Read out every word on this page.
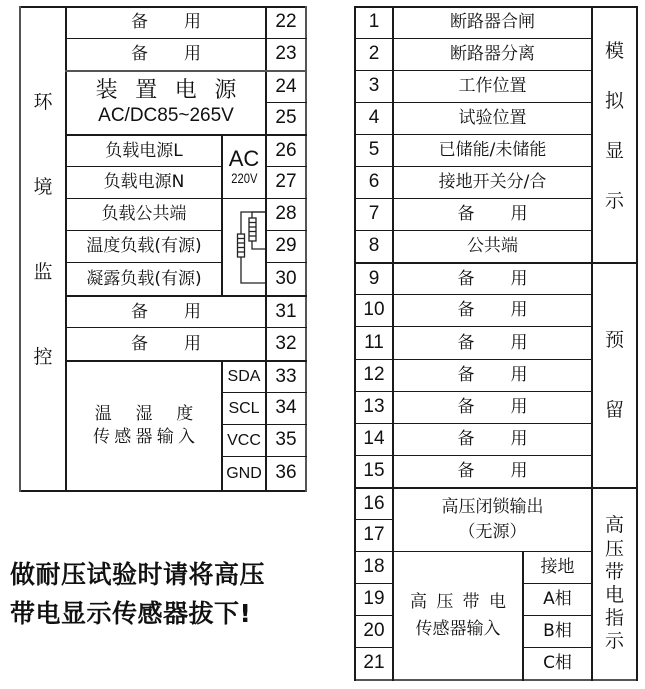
环
境
监
控
备 用
备 用
装置电源
AC/DC85~265V
负载电源L
负载电源N
负载公共端
温度负载(有源)
凝露负载(有源)
AC
220V
备 用
备 用
温湿度
传感器输入
SDA
SCL
VCC
GND
22
23
24
25
26
27
28
29
30
31
32
33
34
35
36
做耐压试验时请将高压
带电显示传感器拔下!
1
2
3
4
5
6
7
8
9
10
11
12
13
14
15
16
17
18
19
20
21
断路器合闸
断路器分离
工作位置
试验位置
已储能/未储能
接地开关分/合
备 用
公共端
备 用
备 用
备 用
备 用
备 用
备 用
备 用
高压闭锁输出
（无源）
高压带电
传感器输入
接地
A相
B相
C相
模
拟
显
示
预
留
高
压
带
电
指
示
